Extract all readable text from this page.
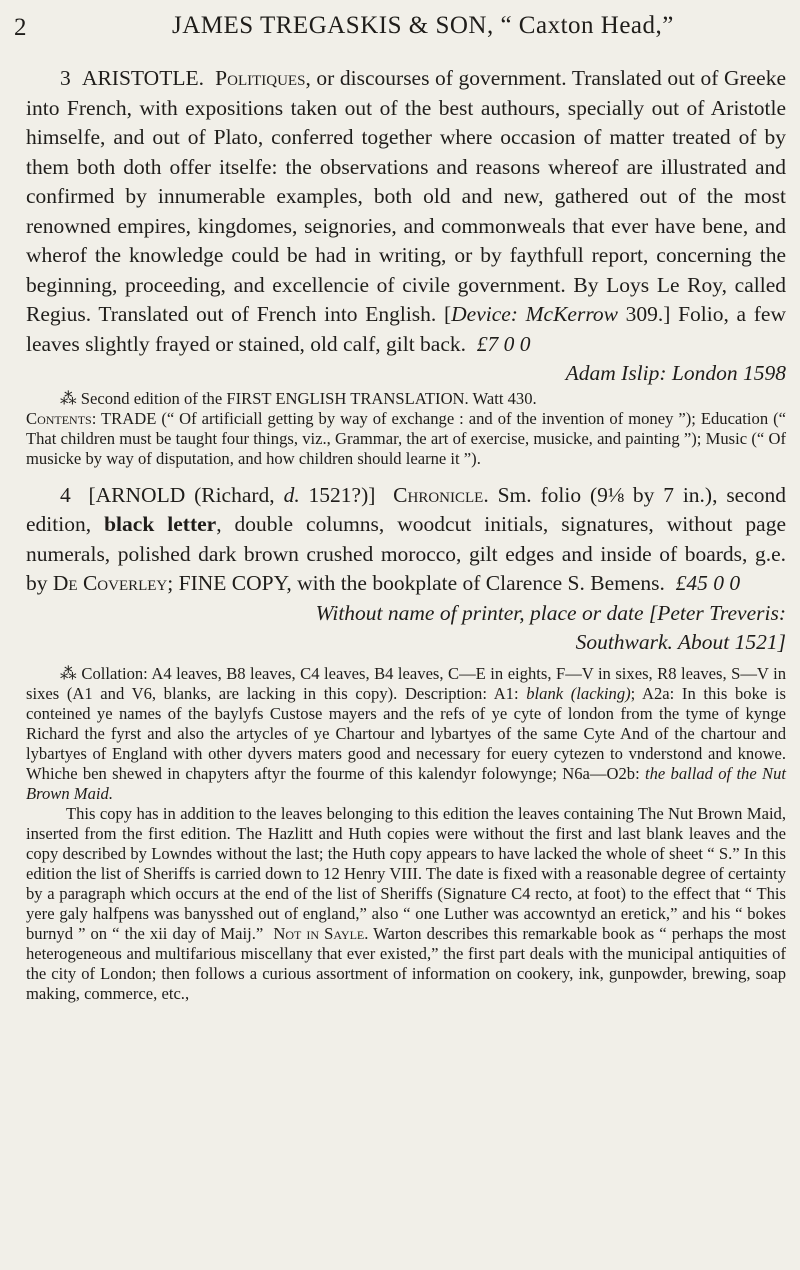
2	JAMES TREGASKIS & SON, “ Caxton Head,”

3 ARISTOTLE. Politiques, or discourses of government. Translated out of Greeke into French, with expositions taken out of the best authours, specially out of Aristotle himselfe, and out of Plato, conferred together where occasion of matter treated of by them both doth offer itselfe: the observations and reasons whereof are illustrated and confirmed by innumerable examples, both old and new, gathered out of the most renowned empires, kingdomes, seignories, and commonweals that ever have bene, and wherof the knowledge could be had in writing, or by faythfull report, concerning the beginning, proceeding, and excellencie of civile government. By Loys Le Roy, called Regius. Translated out of French into English. [Device: McKerrow 309.] Folio, a few leaves slightly frayed or stained, old calf, gilt back. £7 0 0

Adam Islip: London 1598

⁂ Second edition of the FIRST ENGLISH TRANSLATION. Watt 430.
Contents: TRADE (“ Of artificiall getting by way of exchange : and of the invention of money ”); Education (“ That children must be taught four things, viz., Grammar, the art of exercise, musicke, and painting ”); Music (“ Of musicke by way of disputation, and how children should learne it ”).

4 [ARNOLD (Richard, d. 1521?)] Chronicle. Sm. folio (9⅛ by 7 in.), second edition, black letter, double columns, woodcut initials, signatures, without page numerals, polished dark brown crushed morocco, gilt edges and inside of boards, g.e. by De Coverley; FINE COPY, with the bookplate of Clarence S. Bemens. £45 0 0

Without name of printer, place or date [Peter Treveris:

Southwark. About 1521]

⁂ Collation: A4 leaves, B8 leaves, C4 leaves, B4 leaves, C—E in eights, F—V in sixes, R8 leaves, S—V in sixes (A1 and V6, blanks, are lacking in this copy). Description: A1: blank (lacking); A2a: In this boke is conteined ye names of the baylyfs Custose mayers and the refs of ye cyte of london from the tyme of kynge Richard the fyrst and also the artycles of ye Chartour and lybartyes of the same Cyte And of the chartour and lybartyes of England with other dyvers maters good and necessary for euery cytezen to vnderstond and knowe. Whiche ben shewed in chapyters aftyr the fourme of this kalendyr folowynge; N6a—O2b: the ballad of the Nut Brown Maid.

This copy has in addition to the leaves belonging to this edition the leaves containing The Nut Brown Maid, inserted from the first edition. The Hazlitt and Huth copies were without the first and last blank leaves and the copy described by Lowndes without the last; the Huth copy appears to have lacked the whole of sheet “ S.” In this edition the list of Sheriffs is carried down to 12 Henry VIII. The date is fixed with a reasonable degree of certainty by a paragraph which occurs at the end of the list of Sheriffs (Signature C4 recto, at foot) to the effect that “ This yere galy halfpens was banysshed out of england,” also “ one Luther was accowntyd an eretick,” and his “ bokes burnyd ” on “ the xii day of Maij.” Not in Sayle. Warton describes this remarkable book as “ perhaps the most heterogeneous and multifarious miscellany that ever existed,” the first part deals with the municipal antiquities of the city of London; then follows a curious assortment of information on cookery, ink, gunpowder, brewing, soap making, commerce, etc.,
